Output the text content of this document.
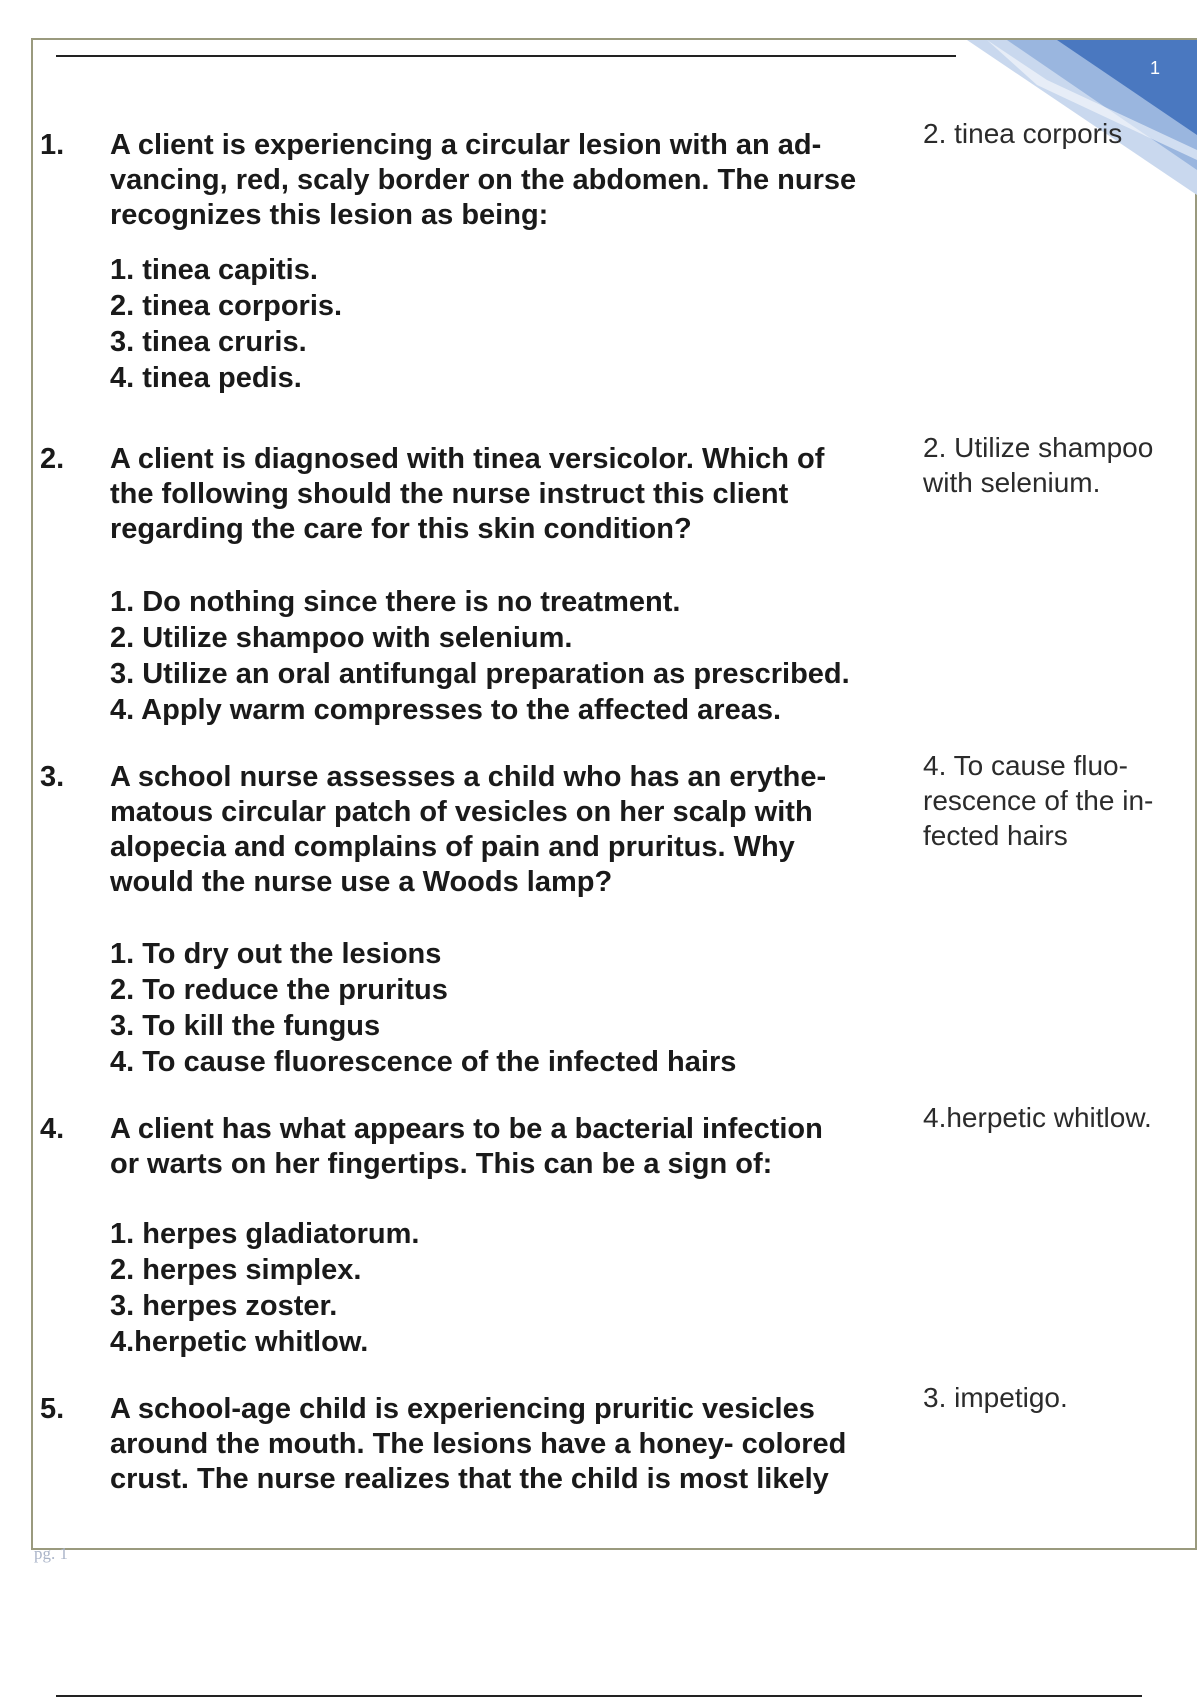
1
1. A client is experiencing a circular lesion with an ad-
vancing, red, scaly border on the abdomen. The nurse
recognizes this lesion as being:
1. tinea capitis.
2. tinea corporis.
3. tinea cruris.
4. tinea pedis.
2. tinea corporis
2. A client is diagnosed with tinea versicolor. Which of
the following should the nurse instruct this client
regarding the care for this skin condition?
1. Do nothing since there is no treatment.
2. Utilize shampoo with selenium.
3. Utilize an oral antifungal preparation as prescribed.
4. Apply warm compresses to the affected areas.
2. Utilize shampoo
with selenium.
3. A school nurse assesses a child who has an erythe-
matous circular patch of vesicles on her scalp with
alopecia and complains of pain and pruritus. Why
would the nurse use a Woods lamp?
1. To dry out the lesions
2. To reduce the pruritus
3. To kill the fungus
4. To cause fluorescence of the infected hairs
4. To cause fluo-
rescence of the in-
fected hairs
4. A client has what appears to be a bacterial infection
or warts on her fingertips. This can be a sign of:
1. herpes gladiatorum.
2. herpes simplex.
3. herpes zoster.
4.herpetic whitlow.
4.herpetic whitlow.
5. A school-age child is experiencing pruritic vesicles
around the mouth. The lesions have a honey- colored
crust. The nurse realizes that the child is most likely
3. impetigo.
pg. 1
